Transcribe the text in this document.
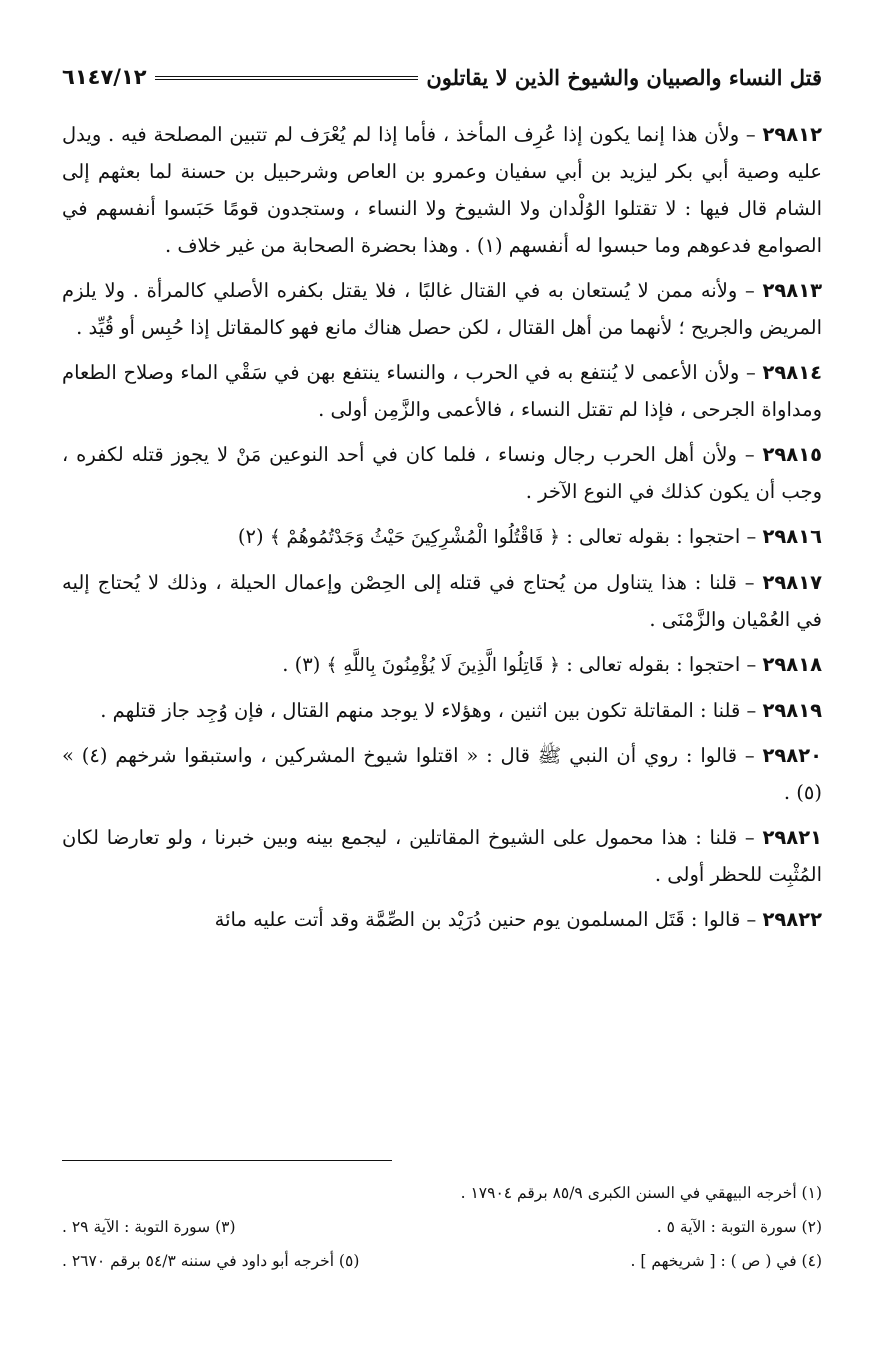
قتل النساء والصبيان والشيوخ الذين لا يقاتلون
٦١٤٧/١٢

٢٩٨١٢ – ولأن هذا إنما يكون إذا عُرِف المأخذ ، فأما إذا لم يُعْرَف لم تتبين المصلحة فيه . ويدل عليه وصية أبي بكر ليزيد بن أبي سفيان وعمرو بن العاص وشرحبيل بن حسنة لما بعثهم إلى الشام قال فيها : لا تقتلوا الوُلْدان ولا الشيوخ ولا النساء ، وستجدون قومًا حَبَسوا أنفسهم في الصوامع فدعوهم وما حبسوا له أنفسهم (١) . وهذا بحضرة الصحابة من غير خلاف .

٢٩٨١٣ – ولأنه ممن لا يُستعان به في القتال غالبًا ، فلا يقتل بكفره الأصلي كالمرأة . ولا يلزم المريض والجريح ؛ لأنهما من أهل القتال ، لكن حصل هناك مانع فهو كالمقاتل إذا حُبِس أو قُيِّد .

٢٩٨١٤ – ولأن الأعمى لا يُنتفع به في الحرب ، والنساء ينتفع بهن في سَقْي الماء وصلاح الطعام ومداواة الجرحى ، فإذا لم تقتل النساء ، فالأعمى والزَّمِن أولى .

٢٩٨١٥ – ولأن أهل الحرب رجال ونساء ، فلما كان في أحد النوعين مَنْ لا يجوز قتله لكفره ، وجب أن يكون كذلك في النوع الآخر .

٢٩٨١٦ – احتجوا : بقوله تعالى : ﴿ فَاقْتُلُوا الْمُشْرِكِينَ حَيْثُ وَجَدْتُمُوهُمْ ﴾ (٢)

٢٩٨١٧ – قلنا : هذا يتناول من يُحتاج في قتله إلى الحِصْن وإعمال الحيلة ، وذلك لا يُحتاج إليه في العُمْيان والزَّمْنَى .

٢٩٨١٨ – احتجوا : بقوله تعالى : ﴿ قَاتِلُوا الَّذِينَ لَا يُؤْمِنُونَ بِاللَّهِ ﴾ (٣) .

٢٩٨١٩ – قلنا : المقاتلة تكون بين اثنين ، وهؤلاء لا يوجد منهم القتال ، فإن وُجِد جاز قتلهم .

٢٩٨٢٠ – قالوا : روي أن النبي ﷺ قال : « اقتلوا شيوخ المشركين ، واستبقوا شرخهم (٤) » (٥) .

٢٩٨٢١ – قلنا : هذا محمول على الشيوخ المقاتلين ، ليجمع بينه وبين خبرنا ، ولو تعارضا لكان المُثْبِت للحظر أولى .

٢٩٨٢٢ – قالوا : قَتَل المسلمون يوم حنين دُرَيْد بن الصِّمَّة وقد أتت عليه مائة

(١) أخرجه البيهقي في السنن الكبرى ٨٥/٩ برقم ١٧٩٠٤ .
(٢) سورة التوبة : الآية ٥ .
(٣) سورة التوبة : الآية ٢٩ .
(٤) في ( ص ) : [ شريخهم ] .
(٥) أخرجه أبو داود في سننه ٥٤/٣ برقم ٢٦٧٠ .
